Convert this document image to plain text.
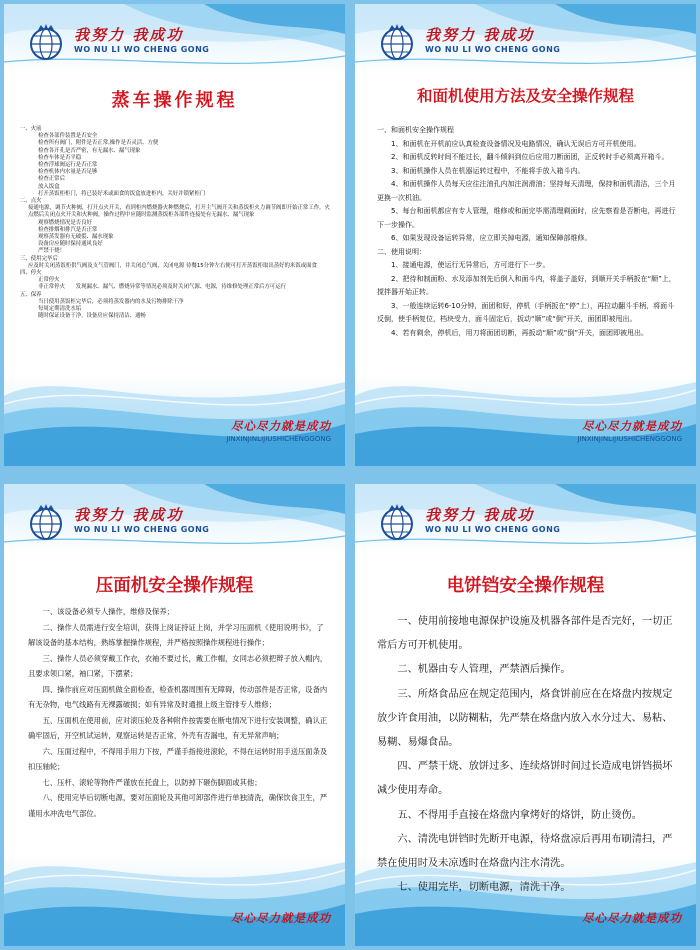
我努力 我成功
WO NU LI WO CHENG GONG
蒸车操作规程

一、火前

检查各部件装置是否安全

检查所有阀门，附件是否正常,操作是否灵活、方便

检查各开孔是否严密，有无漏水、漏气现象

检查车体是否平稳

检查浮球阀运行是否正常

检查机体内水量是否足够

检查正常后

放入饭盒

打开蒸饭柜柜门，将已装好米或面食的饭盒放进柜内，关好并锁紧柜门

二、点火

接通电源，调节火种阀，打开点火开关，看到柜内燃烧器火种燃烧后，打开主气阀开关和蒸饭柜火力调节阀即开始正常工作。火点燃后关闭点火开关和火种阀，操作过程中应随时监测蒸饭柜各部件连接处有无漏水、漏气现象

观察燃烧情况是否良好

检查排烟和排汽是否正常

观察蒸发器有无破裂、漏水现象

设备房应随时保持通风良好

严禁干烧！

三、使用完毕后

应及时关闭蒸饭柜供气阀及支气管阀门，并关闭总气阀，关闭电源 待餐15分钟左右便可打开蒸饭柜取出蒸好的米饭或面食

四、停火

正常停火

非正常停火　　发现漏水、漏气、燃烧异常等情况必须及时关闭气源、电源，待维修处理正常后方可运行

五、保养

当日使用蒸饭柜完毕后，必须将蒸发器内的水及污物排除干净

每周定期清洗水垢

随时保证设备干净，设备房应保持清洁、通畅

尽心尽力就是成功
JINXINJINLIJIUSHICHENGGONG
我努力 我成功
WO NU LI WO CHENG GONG
和面机使用方法及安全操作规程

一、和面机安全操作规程

1、和面机在开机前应认真检查设备情况及电路情况，确认无误后方可开机使用。

2、和面机反转时间不能过长，翻斗倾斜到位后应用刀断面团，正反转时手必须离开箱斗。

3、和面机操作人员在机器运转过程中，不能将手放入箱斗内。

4、和面机操作人员每天应往注油孔内加注润滑油；坚持每天清理，保持和面机清洁，三个月更换一次机油。

5、每台和面机都应有专人管理，维修或和面完毕需清理剩面时，应先察看是否断电，再进行下一步操作。

6、如果发现设备运转异常，应立即关掉电源，通知保障部维修。

二、使用说明：

1、接通电源，使运行无异常后，方可进行下一步。

2、把待和制面粉、水及添加剂先后倒入和面斗内，将盖子盖好，到顺开关手柄扳在“顺”上，搅拌器开始正转。

3、一般连续运转6-10分钟，面团和好，停机（手柄扳在“停”上），再拉动翻斗手柄，将面斗反倒，使手柄复位，档块受力，面斗固定后，扳动“顺”或“倒”开关，面团即被甩出。

4、若有剩余，停机后，用刀将面团切断，再扳动“顺”或“倒”开关，面团即被甩出。

尽心尽力就是成功
JINXINJINLIJIUSHICHENGGONG
我努力 我成功
WO NU LI WO CHENG GONG
压面机安全操作规程

一、该设备必须专人操作，维修及保养；

二、操作人员需进行安全培训，获得上岗证持证上岗，并学习压面机《使用说明书》，了解该设备的基本结构，熟练掌握操作规程，并严格按照操作规程进行操作；

三、操作人员必须穿戴工作衣，衣袖不要过长，戴工作帽，女同志必须把辫子放入帽内，且要求领口紧，袖口紧，下摆紧；

四、操作前应对压面机做全面检查，检查机器周围有无障碍，传动部件是否正常，设备内有无杂物，电气线路有无裸露破损；如有异常及时通报上级主管排专人维修；

五、压面机在使用前，应对滚压轮及各种附件按需要在断电情况下进行安装调整，确认正确牢固后，开空机试运转，观察运转是否正常，外壳有否漏电，有无异常声响；

六、压面过程中，不得用手用力下按，严谨手指接进滚轮，不得在运转时用手送压面条及扣压轴轮；

七、压杆、滚轮等物件严谨放在托盘上，以防掉下砸伤脚面或其他；

八、使用完毕后切断电源，要对压面轮及其他可卸部件进行单独清洗，确保饮食卫生，严谨用水冲洗电气部位。

尽心尽力就是成功
我努力 我成功
WO NU LI WO CHENG GONG
电饼铛安全操作规程

一、使用前接地电源保护设施及机器各部件是否完好，一切正常后方可开机使用。

二、机器由专人管理，严禁酒后操作。

三、所烙食品应在规定范围内，烙食饼前应在在烙盘内按规定放少许食用油，以防糊粘，先严禁在烙盘内放入水分过大、易粘、易糊、易爆食品。

四、严禁干烧、放饼过多、连续烙饼时间过长造成电饼铛损坏减少使用寿命。

五、不得用手直接在烙盘内拿烤好的烙饼，防止烫伤。

六、清洗电饼铛时先断开电源，待烙盘凉后再用布刷清扫，严禁在使用时及未凉透时在烙盘内注水清洗。

七、使用完毕，切断电源，清洗干净。

尽心尽力就是成功
